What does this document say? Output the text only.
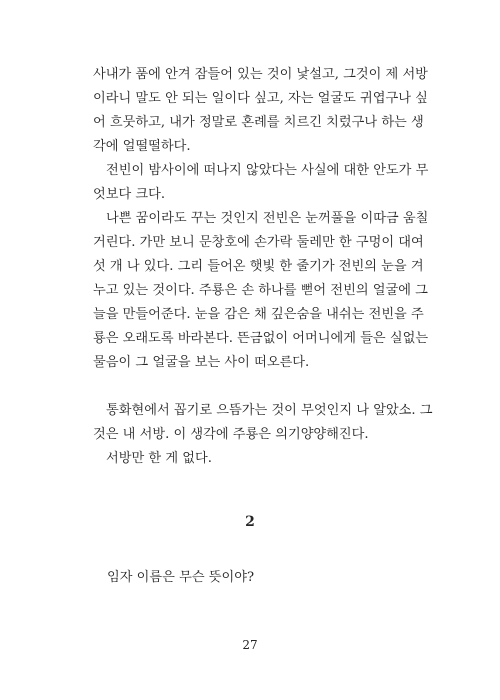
사내가 품에 안겨 잠들어 있는 것이 낯설고, 그것이 제 서방이라니 말도 안 되는 일이다 싶고, 자는 얼굴도 귀엽구나 싶어 흐뭇하고, 내가 정말로 혼례를 치르긴 치렀구나 하는 생각에 얼떨떨하다.

전빈이 밤사이에 떠나지 않았다는 사실에 대한 안도가 무엇보다 크다.

나쁜 꿈이라도 꾸는 것인지 전빈은 눈꺼풀을 이따금 움칠거린다. 가만 보니 문창호에 손가락 둘레만 한 구멍이 대여섯 개 나 있다. 그리 들어온 햇빛 한 줄기가 전빈의 눈을 겨누고 있는 것이다. 주룡은 손 하나를 뻗어 전빈의 얼굴에 그늘을 만들어준다. 눈을 감은 채 깊은숨을 내쉬는 전빈을 주룡은 오래도록 바라본다. 뜬금없이 어머니에게 들은 실없는 물음이 그 얼굴을 보는 사이 떠오른다.

통화현에서 꼽기로 으뜸가는 것이 무엇인지 나 알았소. 그것은 내 서방. 이 생각에 주룡은 의기양양해진다.

서방만 한 게 없다.

2
임자 이름은 무슨 뜻이야?
27
